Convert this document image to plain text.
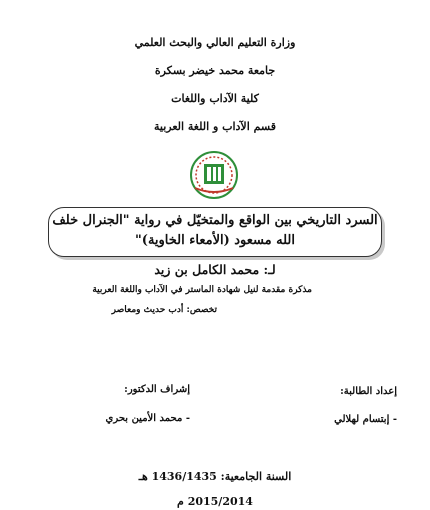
وزارة التعليم العالي والبحث العلمي
جامعة محمد خيضر بسكرة
كلية الآداب واللغات
قسم الآداب و اللغة العربية
السرد التاريخي بين الواقع والمتخيّل في رواية "الجنرال خلف
الله مسعود (الأمعاء الخاوية)"
لـ: محمد الكامل بن زيد
مذكرة مقدمة لنيل شهادة الماستر في الآداب واللغة العربية
تخصص: أدب حديث ومعاصر
إعداد الطالبة:
إشراف الدكتور:
- إبتسام لهلالي
- محمد الأمين بحري
السنة الجامعية: 1436/1435 هـ
2015/2014 م
